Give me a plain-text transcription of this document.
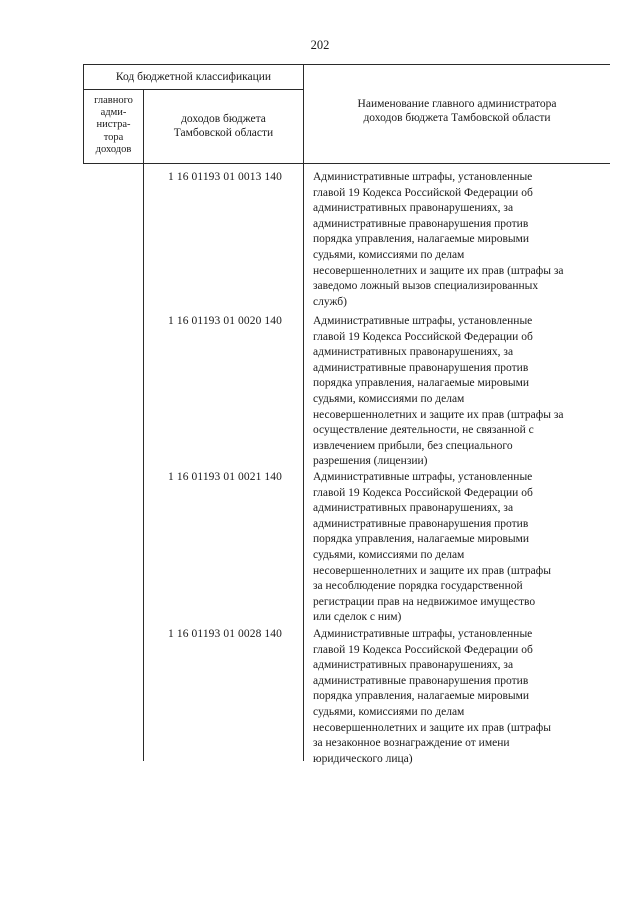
202
Код бюджетной классификации
главного
адми-
нистра-
тора
доходов
доходов бюджета
Тамбовской области
Наименование главного администратора
доходов бюджета Тамбовской области
1 16 01193 01 0013 140	Административные штрафы, установленные
главой 19 Кодекса Российской Федерации об
административных правонарушениях, за
административные правонарушения против
порядка управления, налагаемые мировыми
судьями, комиссиями по делам
несовершеннолетних и защите их прав (штрафы за
заведомо ложный вызов специализированных
служб)
1 16 01193 01 0020 140	Административные штрафы, установленные
главой 19 Кодекса Российской Федерации об
административных правонарушениях, за
административные правонарушения против
порядка управления, налагаемые мировыми
судьями, комиссиями по делам
несовершеннолетних и защите их прав (штрафы за
осуществление деятельности, не связанной с
извлечением прибыли, без специального
разрешения (лицензии)
1 16 01193 01 0021 140	Административные штрафы, установленные
главой 19 Кодекса Российской Федерации об
административных правонарушениях, за
административные правонарушения против
порядка управления, налагаемые мировыми
судьями, комиссиями по делам
несовершеннолетних и защите их прав (штрафы
за несоблюдение порядка государственной
регистрации прав на недвижимое имущество
или сделок с ним)
1 16 01193 01 0028 140	Административные штрафы, установленные
главой 19 Кодекса Российской Федерации об
административных правонарушениях, за
административные правонарушения против
порядка управления, налагаемые мировыми
судьями, комиссиями по делам
несовершеннолетних и защите их прав (штрафы
за незаконное вознаграждение от имени
юридического лица)
